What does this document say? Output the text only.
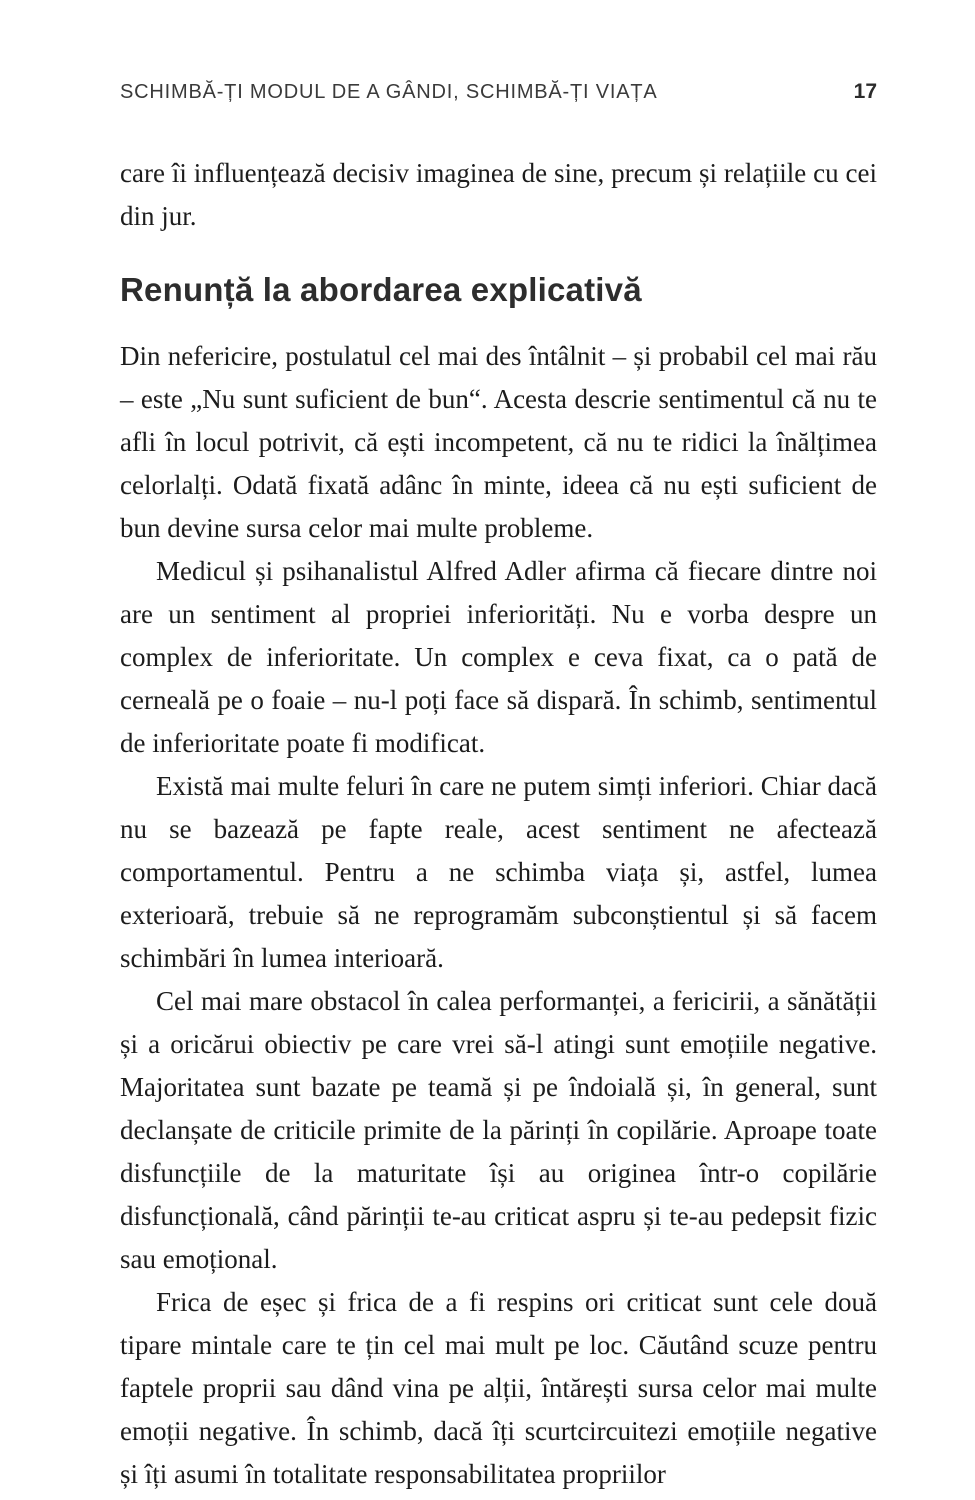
SCHIMBĂ-ȚI MODUL DE A GÂNDI, SCHIMBĂ-ȚI VIAȚA	17

care îi influențează decisiv imaginea de sine, precum și relațiile cu cei din jur.

Renunță la abordarea explicativă

Din nefericire, postulatul cel mai des întâlnit – și probabil cel mai rău – este „Nu sunt suficient de bun“. Acesta descrie sentimentul că nu te afli în locul potrivit, că ești incompetent, că nu te ridici la înălțimea celorlalți. Odată fixată adânc în minte, ideea că nu ești suficient de bun devine sursa celor mai multe probleme.

Medicul și psihanalistul Alfred Adler afirma că fiecare dintre noi are un sentiment al propriei inferiorități. Nu e vorba despre un complex de inferioritate. Un complex e ceva fixat, ca o pată de cerneală pe o foaie – nu-l poți face să dispară. În schimb, sentimentul de inferioritate poate fi modificat.

Există mai multe feluri în care ne putem simți inferiori. Chiar dacă nu se bazează pe fapte reale, acest sentiment ne afectează comportamentul. Pentru a ne schimba viața și, astfel, lumea exterioară, trebuie să ne reprogramăm subconștientul și să facem schimbări în lumea interioară.

Cel mai mare obstacol în calea performanței, a fericirii, a sănătății și a oricărui obiectiv pe care vrei să-l atingi sunt emoțiile negative. Majoritatea sunt bazate pe teamă și pe îndoială și, în general, sunt declanșate de criticile primite de la părinți în copilărie. Aproape toate disfuncțiile de la maturitate își au originea într-o copilărie disfuncțională, când părinții te-au criticat aspru și te-au pedepsit fizic sau emoțional.

Frica de eșec și frica de a fi respins ori criticat sunt cele două tipare mintale care te țin cel mai mult pe loc. Căutând scuze pentru faptele proprii sau dând vina pe alții, întărești sursa celor mai multe emoții negative. În schimb, dacă îți scurtcircuitezi emoțiile negative și îți asumi în totalitate responsabilitatea propriilor
